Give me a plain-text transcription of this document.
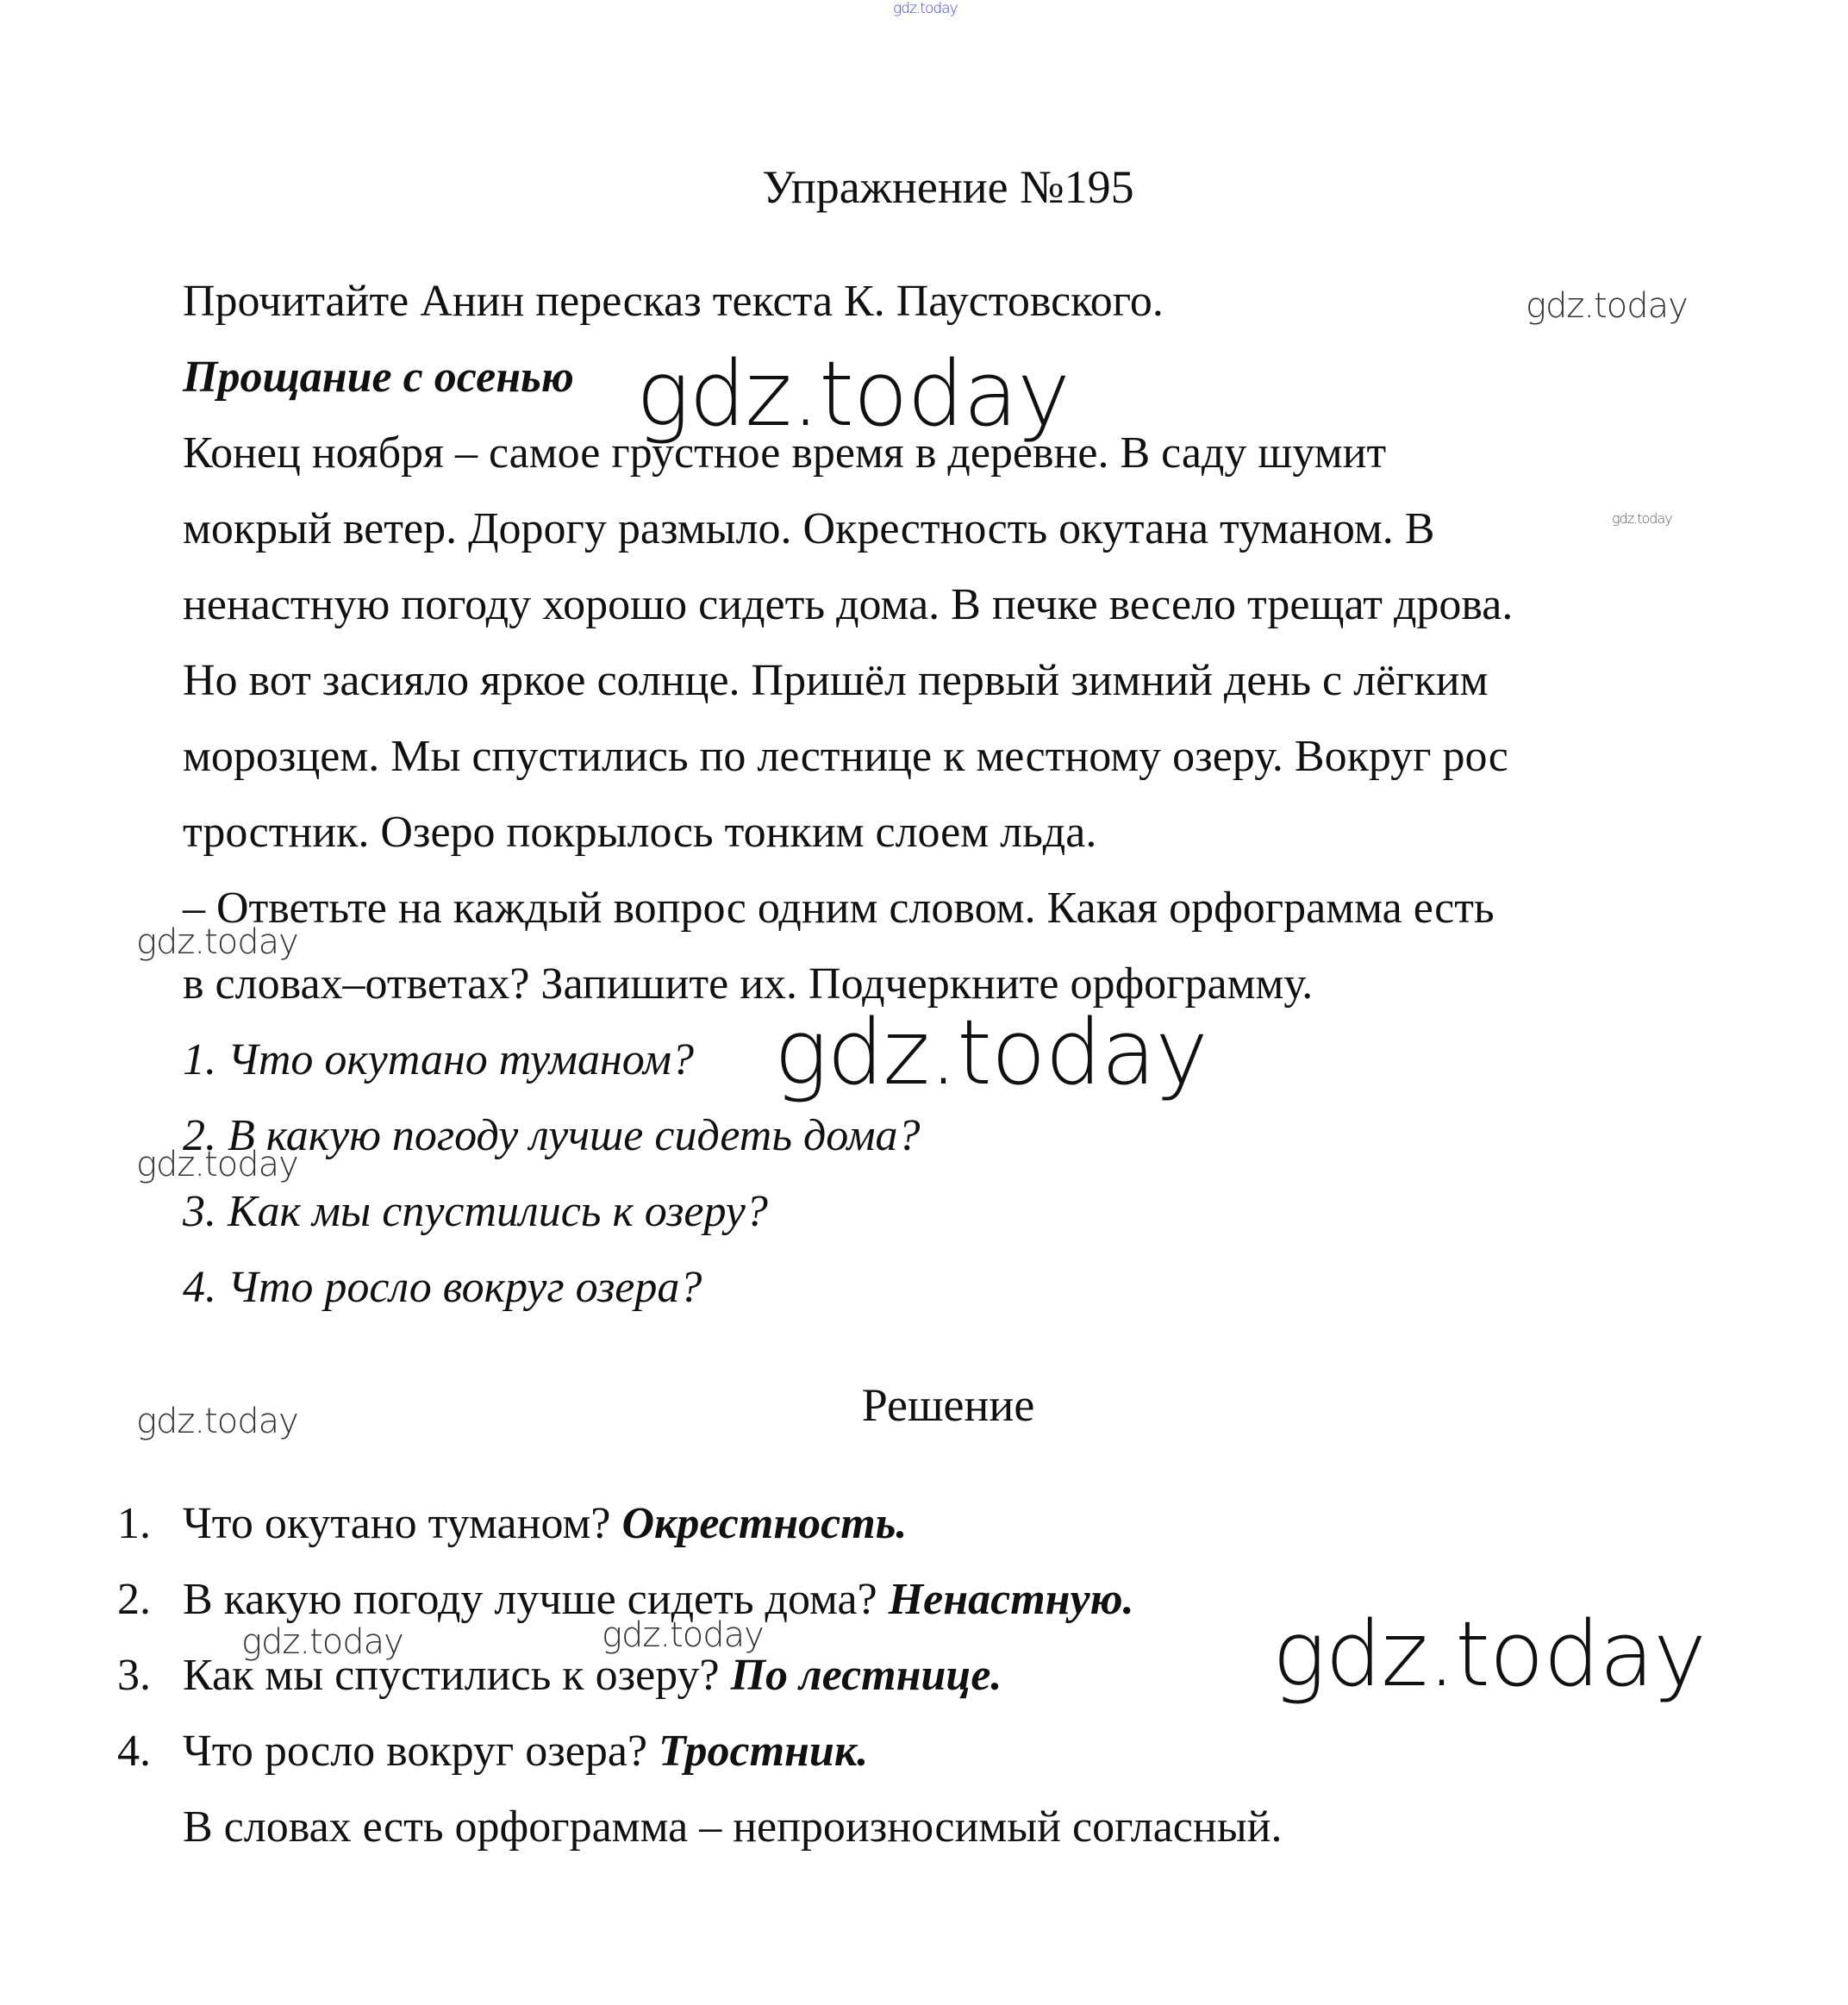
gdz.today
Упражнение №195
Прочитайте Анин пересказ текста К. Паустовского.
Прощание с осенью
Конец ноября – самое грустное время в деревне. В саду шумит
мокрый ветер. Дорогу размыло. Окрестность окутана туманом. В
ненастную погоду хорошо сидеть дома. В печке весело трещат дрова.
Но вот засияло яркое солнце. Пришёл первый зимний день с лёгким
морозцем. Мы спустились по лестнице к местному озеру. Вокруг рос
тростник. Озеро покрылось тонким слоем льда.
– Ответьте на каждый вопрос одним словом. Какая орфограмма есть
в словах–ответах? Запишите их. Подчеркните орфограмму.
1. Что окутано туманом?
2. В какую погоду лучше сидеть дома?
3. Как мы спустились к озеру?
4. Что росло вокруг озера?
Решение
1. Что окутано туманом? Окрестность.
2. В какую погоду лучше сидеть дома? Ненастную.
3. Как мы спустились к озеру? По лестнице.
4. Что росло вокруг озера? Тростник.
В словах есть орфограмма – непроизносимый согласный.
gdz.today
gdz.today
gdz.today
gdz.today
gdz.today
gdz.today
gdz.today
gdz.today	gdz.today	gdz.today
